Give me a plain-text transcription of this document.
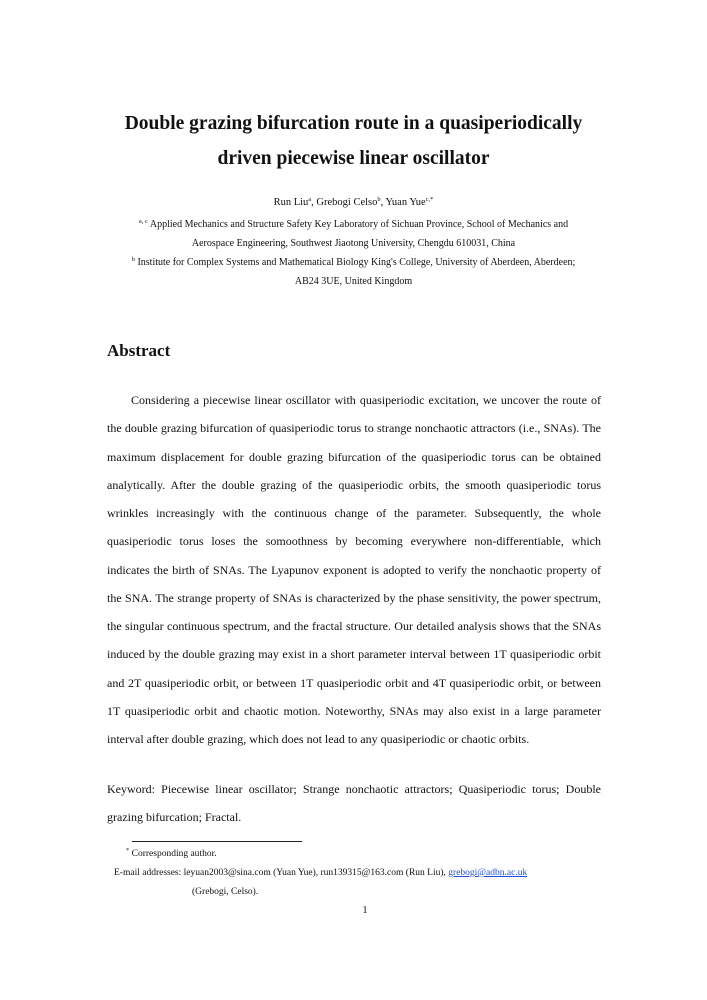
Double grazing bifurcation route in a quasiperiodically
driven piecewise linear oscillator
Run Liu$^a$, Grebogi Celso$^b$, Yuan Yue$^{c,*}$
$^{a, c}$ Applied Mechanics and Structure Safety Key Laboratory of Sichuan Province, School of Mechanics and
Aerospace Engineering, Southwest Jiaotong University, Chengdu 610031, China
$^b$ Institute for Complex Systems and Mathematical Biology King's College, University of Aberdeen, Aberdeen;
AB24 3UE, United Kingdom
Abstract

Considering a piecewise linear oscillator with quasiperiodic excitation, we uncover the route of the double grazing bifurcation of quasiperiodic torus to strange nonchaotic attractors (i.e., SNAs). The maximum displacement for double grazing bifurcation of the quasiperiodic torus can be obtained analytically. After the double grazing of the quasiperiodic orbits, the smooth quasiperiodic torus wrinkles increasingly with the continuous change of the parameter. Subsequently, the whole quasiperiodic torus loses the somoothness by becoming everywhere non-differentiable, which indicates the birth of SNAs. The Lyapunov exponent is adopted to verify the nonchaotic property of the SNA. The strange property of SNAs is characterized by the phase sensitivity, the power spectrum, the singular continuous spectrum, and the fractal structure. Our detailed analysis shows that the SNAs induced by the double grazing may exist in a short parameter interval between 1T quasiperiodic orbit and 2T quasiperiodic orbit, or between 1T quasiperiodic orbit and 4T quasiperiodic orbit, or between 1T quasiperiodic orbit and chaotic motion. Noteworthy, SNAs may also exist in a large parameter interval after double grazing, which does not lead to any quasiperiodic or chaotic orbits.

Keyword: Piecewise linear oscillator; Strange nonchaotic attractors; Quasiperiodic torus; Double grazing bifurcation; Fractal.
* Corresponding author.
E-mail addresses: leyuan2003@sina.com (Yuan Yue), run139315@163.com (Run Liu), grebogi@adbn.ac.uk
(Grebogi, Celso).
1
